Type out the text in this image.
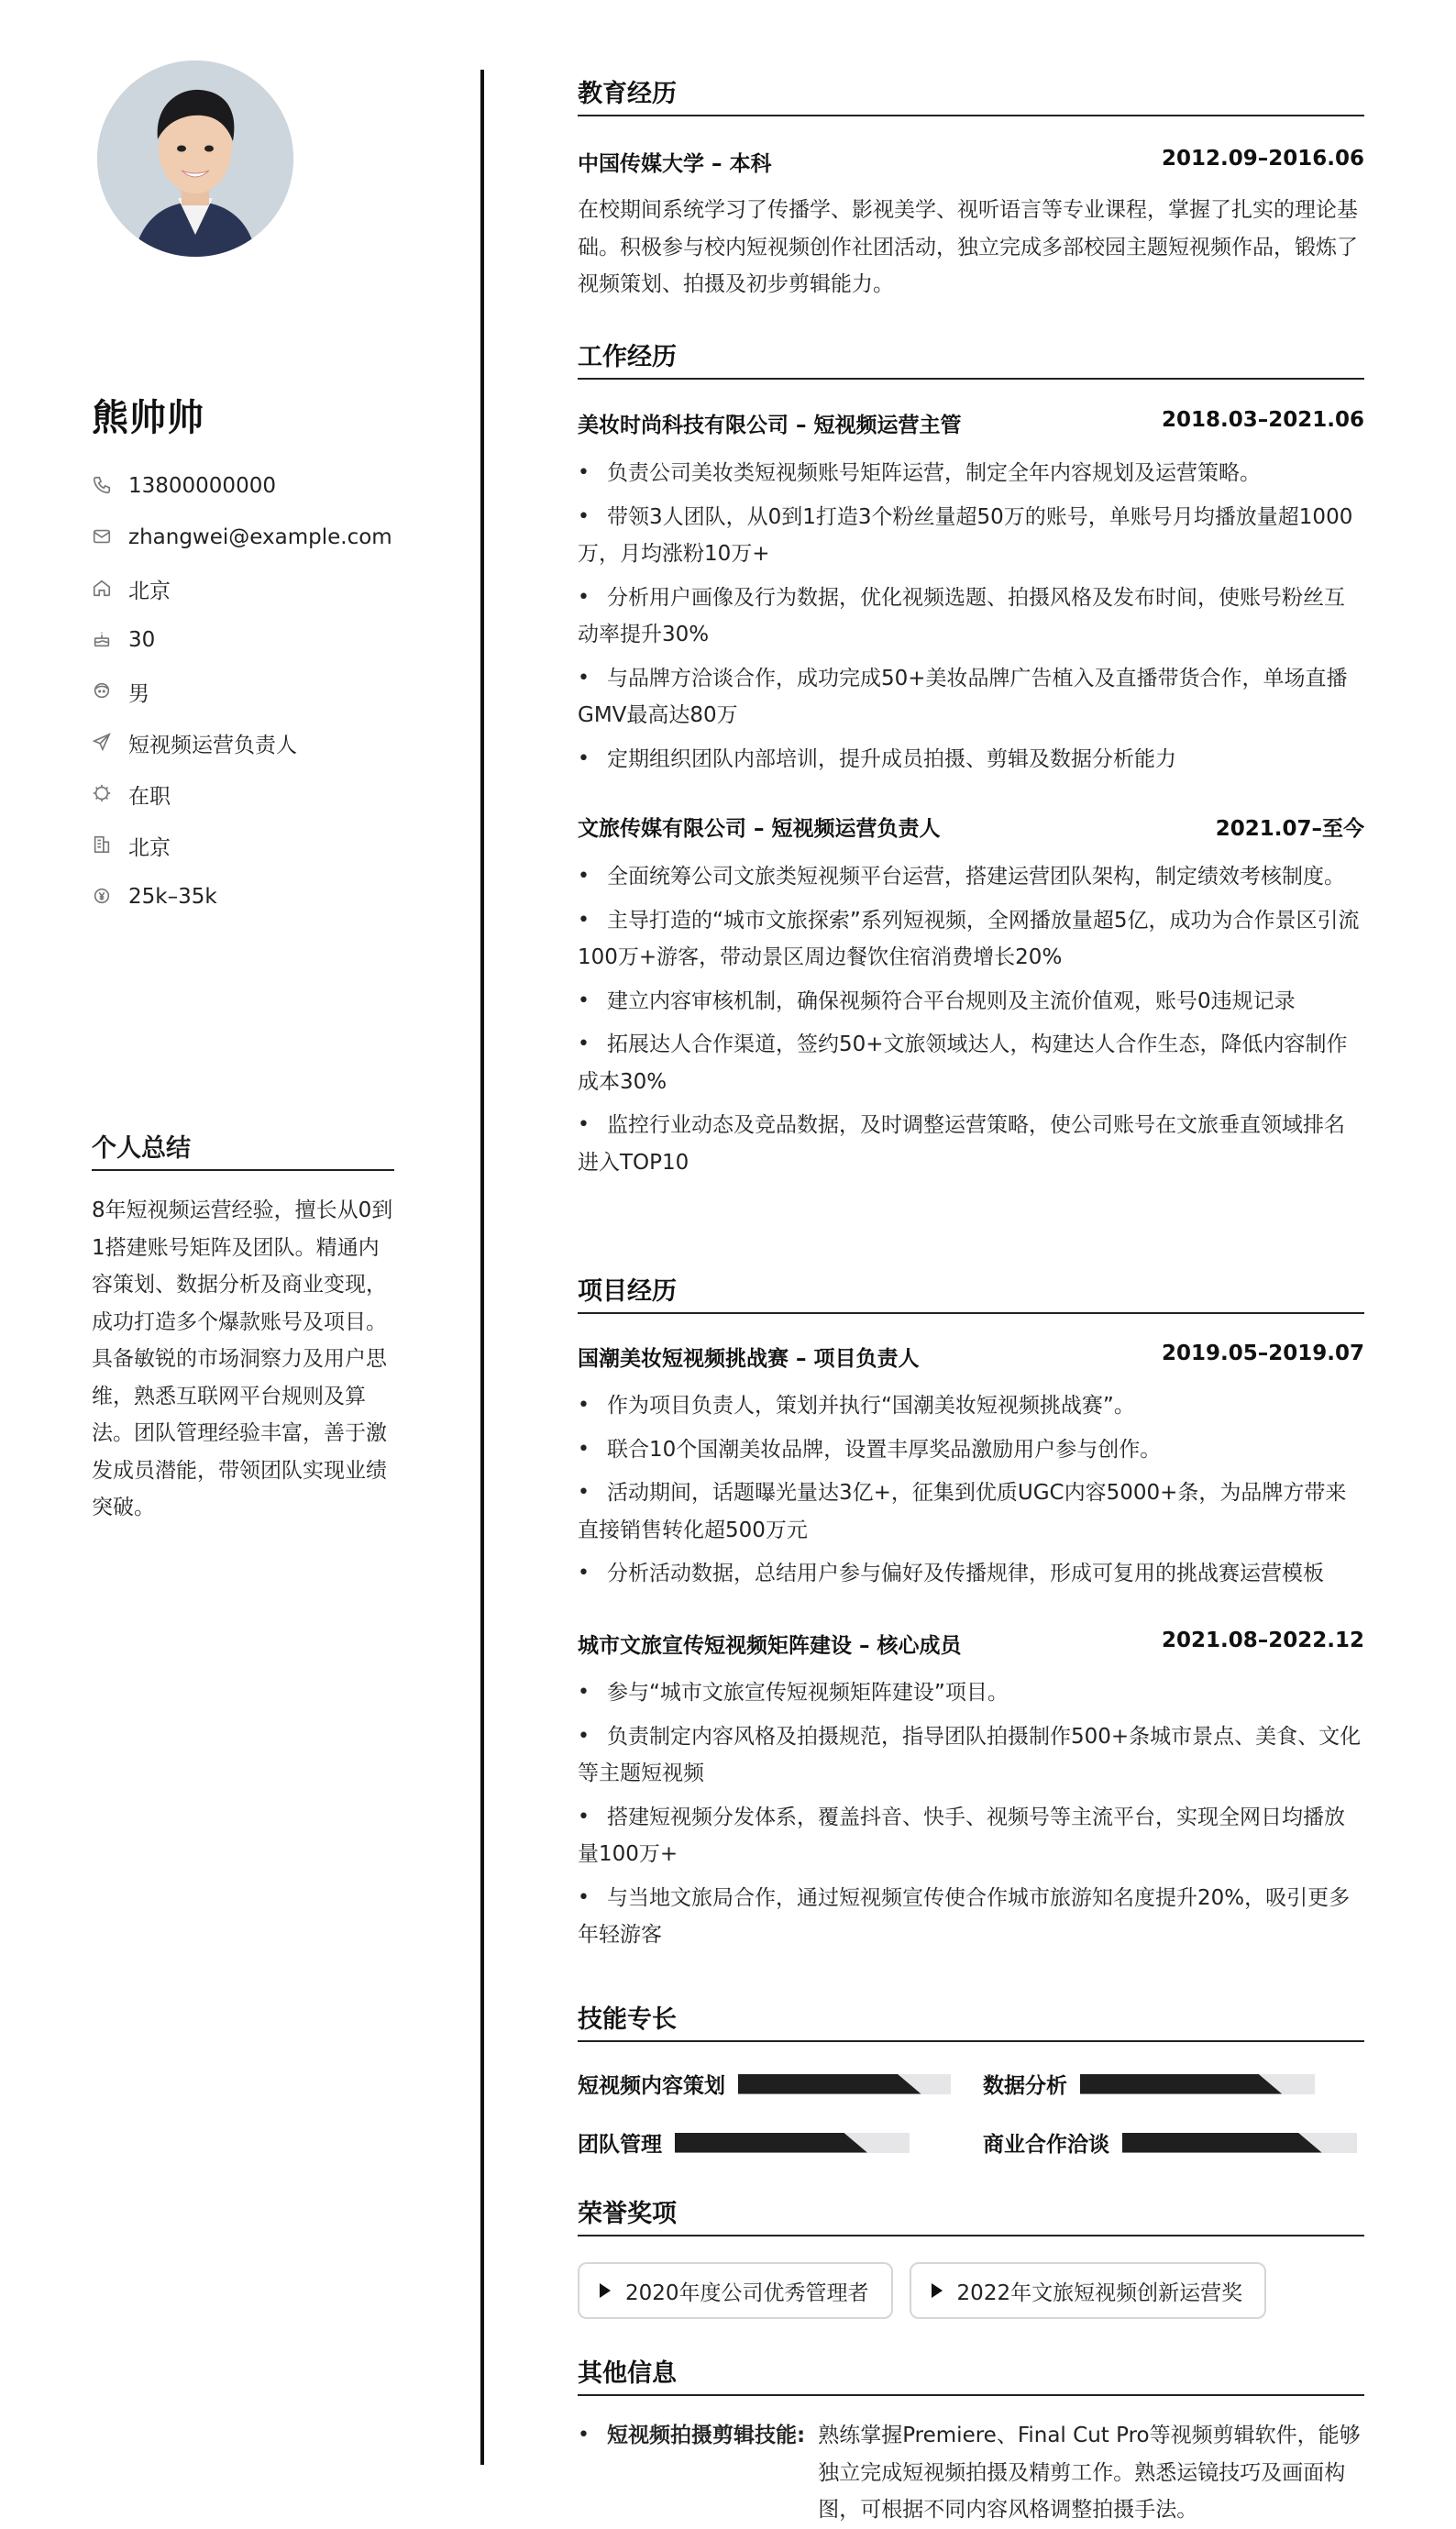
熊帅帅
13800000000
zhangwei@example.com
北京
30
男
短视频运营负责人
在职
北京
25k–35k
个人总结
8年短视频运营经验，擅长从0到1搭建账号矩阵及团队。精通内容策划、数据分析及商业变现，成功打造多个爆款账号及项目。具备敏锐的市场洞察力及用户思维，熟悉互联网平台规则及算法。团队管理经验丰富，善于激发成员潜能，带领团队实现业绩突破。
教育经历
中国传媒大学 – 本科	2012.09–2016.06
在校期间系统学习了传播学、影视美学、视听语言等专业课程，掌握了扎实的理论基础。积极参与校内短视频创作社团活动，独立完成多部校园主题短视频作品，锻炼了视频策划、拍摄及初步剪辑能力。
工作经历
美妆时尚科技有限公司 – 短视频运营主管	2018.03–2021.06
• 负责公司美妆类短视频账号矩阵运营，制定全年内容规划及运营策略。
• 带领3人团队，从0到1打造3个粉丝量超50万的账号，单账号月均播放量超1000万，月均涨粉10万+
• 分析用户画像及行为数据，优化视频选题、拍摄风格及发布时间，使账号粉丝互动率提升30%
• 与品牌方洽谈合作，成功完成50+美妆品牌广告植入及直播带货合作，单场直播GMV最高达80万
• 定期组织团队内部培训，提升成员拍摄、剪辑及数据分析能力
文旅传媒有限公司 – 短视频运营负责人	2021.07–至今
• 全面统筹公司文旅类短视频平台运营，搭建运营团队架构，制定绩效考核制度。
• 主导打造的“城市文旅探索”系列短视频，全网播放量超5亿，成功为合作景区引流100万+游客，带动景区周边餐饮住宿消费增长20%
• 建立内容审核机制，确保视频符合平台规则及主流价值观，账号0违规记录
• 拓展达人合作渠道，签约50+文旅领域达人，构建达人合作生态，降低内容制作成本30%
• 监控行业动态及竞品数据，及时调整运营策略，使公司账号在文旅垂直领域排名进入TOP10
项目经历
国潮美妆短视频挑战赛 – 项目负责人	2019.05–2019.07
• 作为项目负责人，策划并执行“国潮美妆短视频挑战赛”。
• 联合10个国潮美妆品牌，设置丰厚奖品激励用户参与创作。
• 活动期间，话题曝光量达3亿+，征集到优质UGC内容5000+条，为品牌方带来直接销售转化超500万元
• 分析活动数据，总结用户参与偏好及传播规律，形成可复用的挑战赛运营模板
城市文旅宣传短视频矩阵建设 – 核心成员	2021.08–2022.12
• 参与“城市文旅宣传短视频矩阵建设”项目。
• 负责制定内容风格及拍摄规范，指导团队拍摄制作500+条城市景点、美食、文化等主题短视频
• 搭建短视频分发体系，覆盖抖音、快手、视频号等主流平台，实现全网日均播放量100万+
• 与当地文旅局合作，通过短视频宣传使合作城市旅游知名度提升20%，吸引更多年轻游客
技能专长
短视频内容策划	数据分析
团队管理	商业合作洽谈
荣誉奖项
2020年度公司优秀管理者	2022年文旅短视频创新运营奖
其他信息
• 短视频拍摄剪辑技能: 熟练掌握Premiere、Final Cut Pro等视频剪辑软件，能够独立完成短视频拍摄及精剪工作。熟悉运镜技巧及画面构图，可根据不同内容风格调整拍摄手法。
